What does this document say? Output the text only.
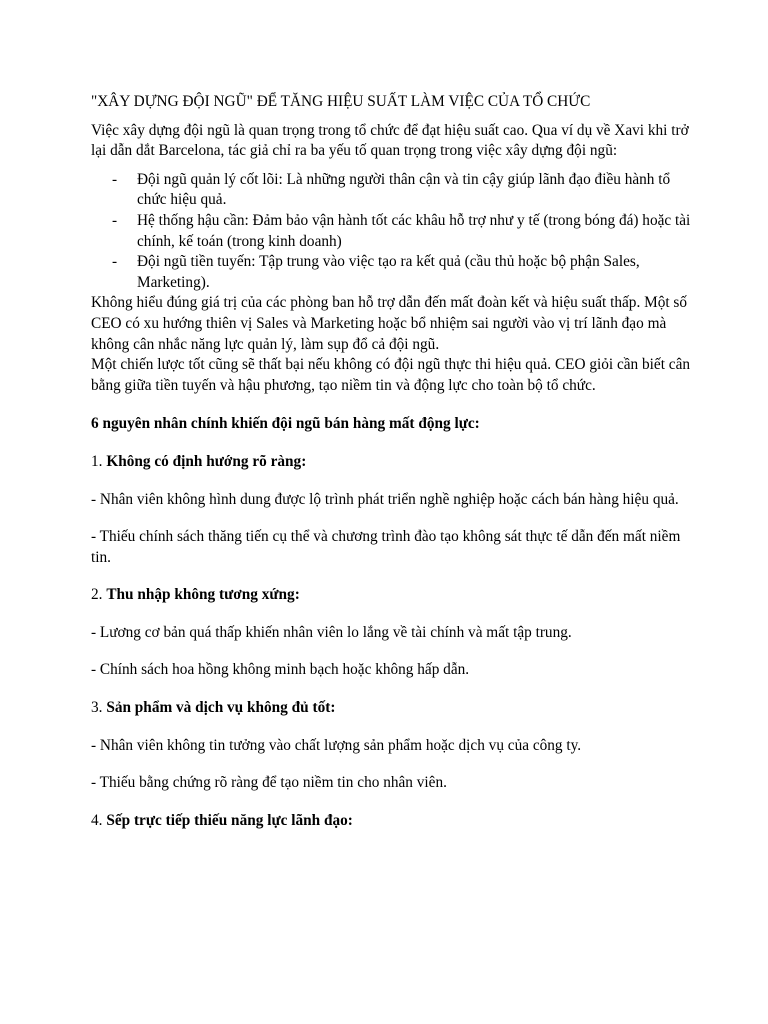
"XÂY DỰNG ĐỘI NGŨ" ĐỂ TĂNG HIỆU SUẤT LÀM VIỆC CỦA TỔ CHỨC

Việc xây dựng đội ngũ là quan trọng trong tổ chức để đạt hiệu suất cao. Qua ví dụ về Xavi khi trở lại dẫn dắt Barcelona, tác giả chỉ ra ba yếu tố quan trọng trong việc xây dựng đội ngũ:

- Đội ngũ quản lý cốt lõi: Là những người thân cận và tin cậy giúp lãnh đạo điều hành tổ chức hiệu quả.
- Hệ thống hậu cần: Đảm bảo vận hành tốt các khâu hỗ trợ như y tế (trong bóng đá) hoặc tài chính, kế toán (trong kinh doanh)
- Đội ngũ tiền tuyến: Tập trung vào việc tạo ra kết quả (cầu thủ hoặc bộ phận Sales, Marketing).

Không hiểu đúng giá trị của các phòng ban hỗ trợ dẫn đến mất đoàn kết và hiệu suất thấp. Một số CEO có xu hướng thiên vị Sales và Marketing hoặc bổ nhiệm sai người vào vị trí lãnh đạo mà không cân nhắc năng lực quản lý, làm sụp đổ cả đội ngũ.

Một chiến lược tốt cũng sẽ thất bại nếu không có đội ngũ thực thi hiệu quả. CEO giỏi cần biết cân bằng giữa tiền tuyến và hậu phương, tạo niềm tin và động lực cho toàn bộ tổ chức.

6 nguyên nhân chính khiến đội ngũ bán hàng mất động lực:

1. Không có định hướng rõ ràng:

- Nhân viên không hình dung được lộ trình phát triển nghề nghiệp hoặc cách bán hàng hiệu quả.

- Thiếu chính sách thăng tiến cụ thể và chương trình đào tạo không sát thực tế dẫn đến mất niềm tin.

2. Thu nhập không tương xứng:

- Lương cơ bản quá thấp khiến nhân viên lo lắng về tài chính và mất tập trung.

- Chính sách hoa hồng không minh bạch hoặc không hấp dẫn.

3. Sản phẩm và dịch vụ không đủ tốt:

- Nhân viên không tin tưởng vào chất lượng sản phẩm hoặc dịch vụ của công ty.

- Thiếu bằng chứng rõ ràng để tạo niềm tin cho nhân viên.

4. Sếp trực tiếp thiếu năng lực lãnh đạo:
